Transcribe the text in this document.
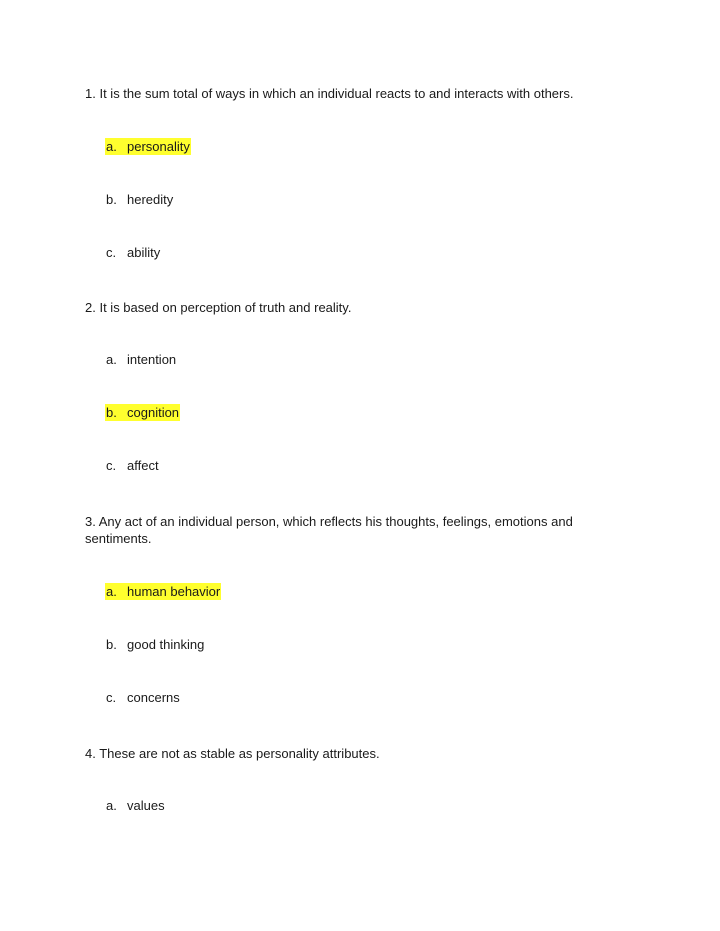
1. It is the sum total of ways in which an individual reacts to and interacts with others.
a. personality
b. heredity
c. ability
2. It is based on perception of truth and reality.
a. intention
b. cognition
c. affect
3. Any act of an individual person, which reflects his thoughts, feelings, emotions and sentiments.
a. human behavior
b. good thinking
c. concerns
4. These are not as stable as personality attributes.
a. values
